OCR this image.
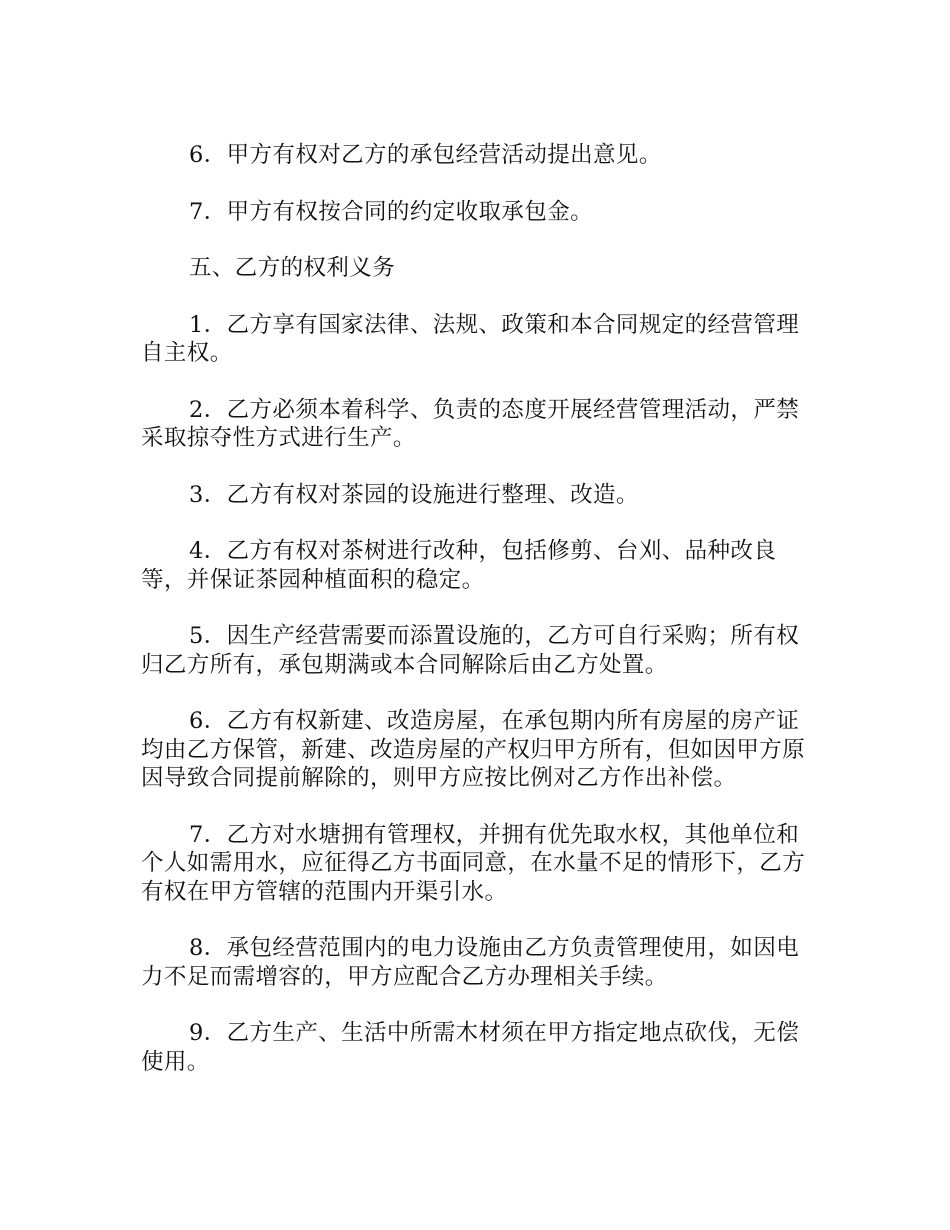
6．甲方有权对乙方的承包经营活动提出意见。

7．甲方有权按合同的约定收取承包金。

五、乙方的权利义务

1．乙方享有国家法律、法规、政策和本合同规定的经营管理自主权。

2．乙方必须本着科学、负责的态度开展经营管理活动，严禁采取掠夺性方式进行生产。

3．乙方有权对茶园的设施进行整理、改造。

4．乙方有权对茶树进行改种，包括修剪、台刈、品种改良等，并保证茶园种植面积的稳定。

5．因生产经营需要而添置设施的，乙方可自行采购；所有权归乙方所有，承包期满或本合同解除后由乙方处置。

6．乙方有权新建、改造房屋，在承包期内所有房屋的房产证均由乙方保管，新建、改造房屋的产权归甲方所有，但如因甲方原因导致合同提前解除的，则甲方应按比例对乙方作出补偿。

7．乙方对水塘拥有管理权，并拥有优先取水权，其他单位和个人如需用水，应征得乙方书面同意，在水量不足的情形下，乙方有权在甲方管辖的范围内开渠引水。

8．承包经营范围内的电力设施由乙方负责管理使用，如因电力不足而需增容的，甲方应配合乙方办理相关手续。

9．乙方生产、生活中所需木材须在甲方指定地点砍伐，无偿使用。
